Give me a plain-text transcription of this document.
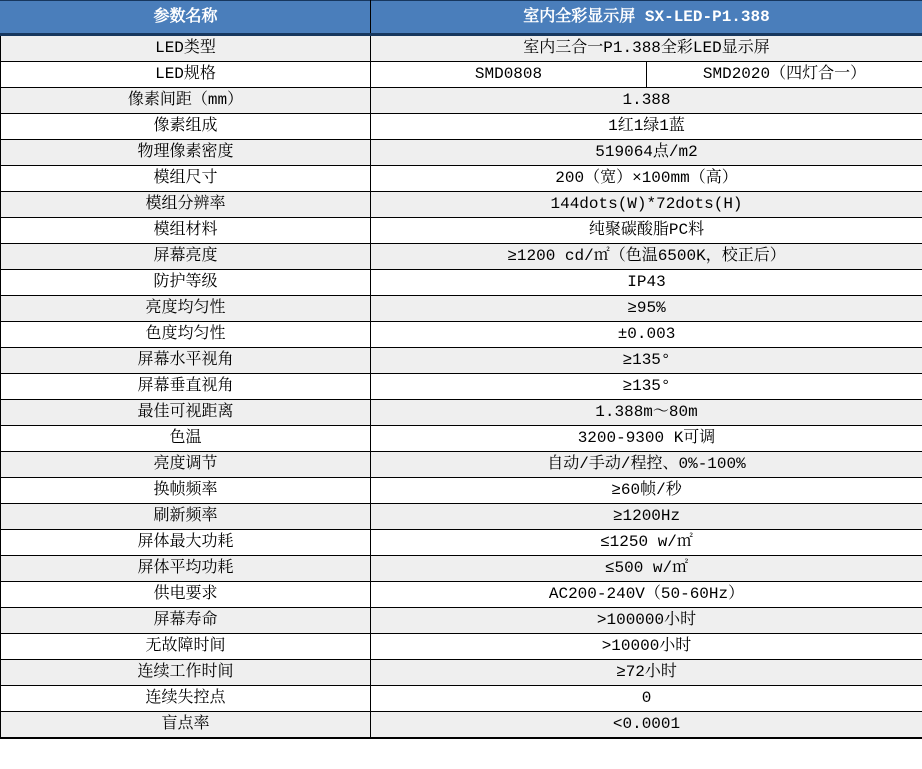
参数名称	室内全彩显示屏 SX-LED-P1.388	
LED类型	室内三合一P1.388全彩LED显示屏	
LED规格	SMD0808	SMD2020（四灯合一）
像素间距（mm）	1.388	
像素组成	1红1绿1蓝	
物理像素密度	519064点/m2	
模组尺寸	200（宽）×100mm（高）	
模组分辨率	144dots(W)*72dots(H)	
模组材料	纯聚碳酸脂PC料	
屏幕亮度	≥1200 cd/㎡（色温6500K，校正后）	
防护等级	IP43	
亮度均匀性	≥95%	
色度均匀性	±0.003	
屏幕水平视角	≥135°	
屏幕垂直视角	≥135°	
最佳可视距离	1.388m～80m	
色温	3200-9300 K可调	
亮度调节	自动/手动/程控、0%-100%	
换帧频率	≥60帧/秒	
刷新频率	≥1200Hz	
屏体最大功耗	≤1250 w/㎡	
屏体平均功耗	≤500 w/㎡	
供电要求	AC200-240V（50-60Hz）	
屏幕寿命	>100000小时	
无故障时间	>10000小时	
连续工作时间	≥72小时	
连续失控点	0	
盲点率	<0.0001	
